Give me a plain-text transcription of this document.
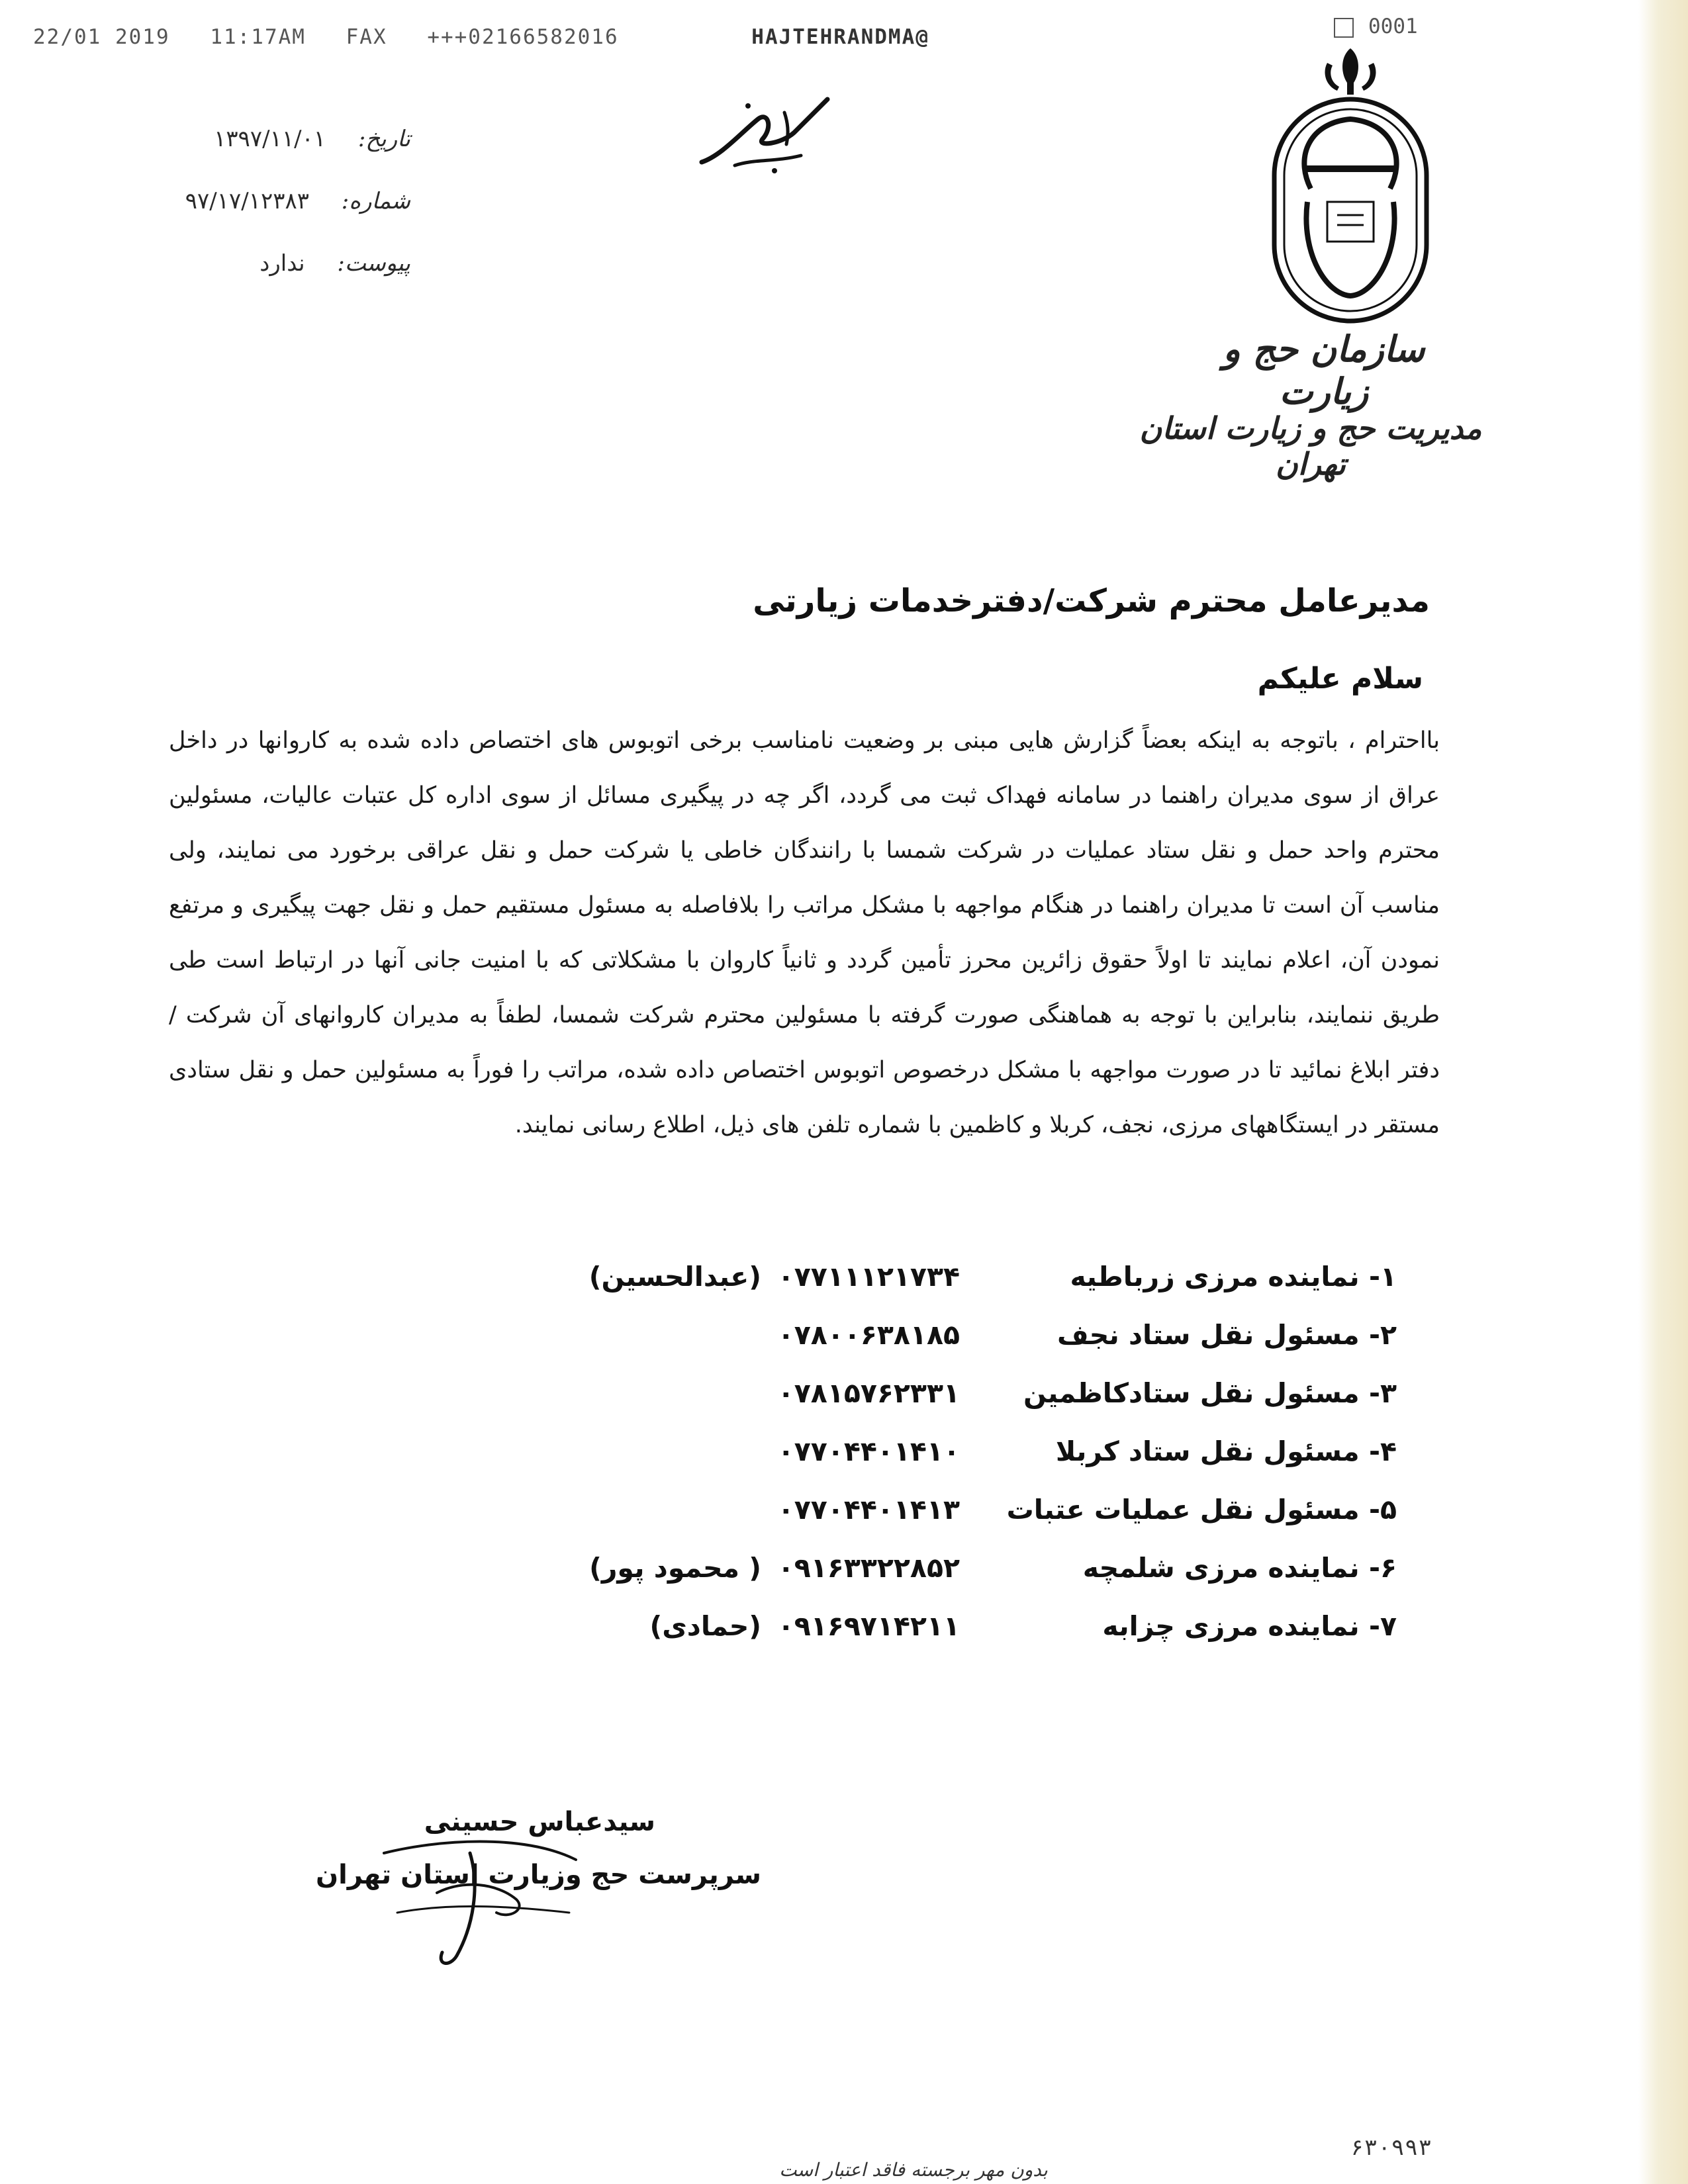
22/01 2019 11:17AM FAX +++02166582016	HAJTEHRANDMA@	0001
تاریخ: ۱۳۹۷/۱۱/۰۱
شماره: ۹۷/۱۷/۱۲۳۸۳
پیوست: ندارد
سازمان حج و زیارت
مدیریت حج و زیارت استان تهران
مدیرعامل محترم شرکت/دفترخدمات زیارتی
سلام علیکم
بااحترام ، باتوجه به اینکه بعضاً گزارش هایی مبنی بر وضعیت نامناسب برخی اتوبوس های اختصاص داده شده به کاروانها در داخل عراق از سوی مدیران راهنما در سامانه فهداک ثبت می گردد، اگر چه در پیگیری مسائل از سوی اداره کل عتبات عالیات، مسئولین محترم واحد حمل و نقل ستاد عملیات در شرکت شمسا با رانندگان خاطی یا شرکت حمل و نقل عراقی برخورد می نمایند، ولی مناسب آن است تا مدیران راهنما در هنگام مواجهه با مشکل مراتب را بلافاصله به مسئول مستقیم حمل و نقل جهت پیگیری و مرتفع نمودن آن، اعلام نمایند تا اولاً حقوق زائرین محرز تأمین گردد و ثانیاً کاروان با مشکلاتی که با امنیت جانی آنها در ارتباط است طی طریق ننمایند، بنابراین با توجه به هماهنگی صورت گرفته با مسئولین محترم شرکت شمسا، لطفاً به مدیران کاروانهای آن شرکت /دفتر ابلاغ نمائید تا در صورت مواجهه با مشکل درخصوص اتوبوس اختصاص داده شده، مراتب را فوراً به مسئولین حمل و نقل ستادی مستقر در ایستگاههای مرزی، نجف، کربلا و کاظمین با شماره تلفن های ذیل، اطلاع رسانی نمایند.
۱- نماینده مرزی زرباطیه
۰۷۷۱۱۱۲۱۷۳۴
(عبدالحسین)
۲- مسئول نقل ستاد نجف
۰۷۸۰۰۶۳۸۱۸۵
۳- مسئول نقل ستادکاظمین
۰۷۸۱۵۷۶۲۳۳۱
۴- مسئول نقل ستاد کربلا
۰۷۷۰۴۴۰۱۴۱۰
۵- مسئول نقل عملیات عتبات
۰۷۷۰۴۴۰۱۴۱۳
۶- نماینده مرزی شلمچه
۰۹۱۶۳۳۲۲۸۵۲
( محمود پور)
۷- نماینده مرزی چزابه
۰۹۱۶۹۷۱۴۲۱۱
(حمادی)
سیدعباس حسینی
سرپرست حج وزیارت استان تهران
بدون مهر برجسته فاقد اعتبار است
۶۳۰۹۹۳
